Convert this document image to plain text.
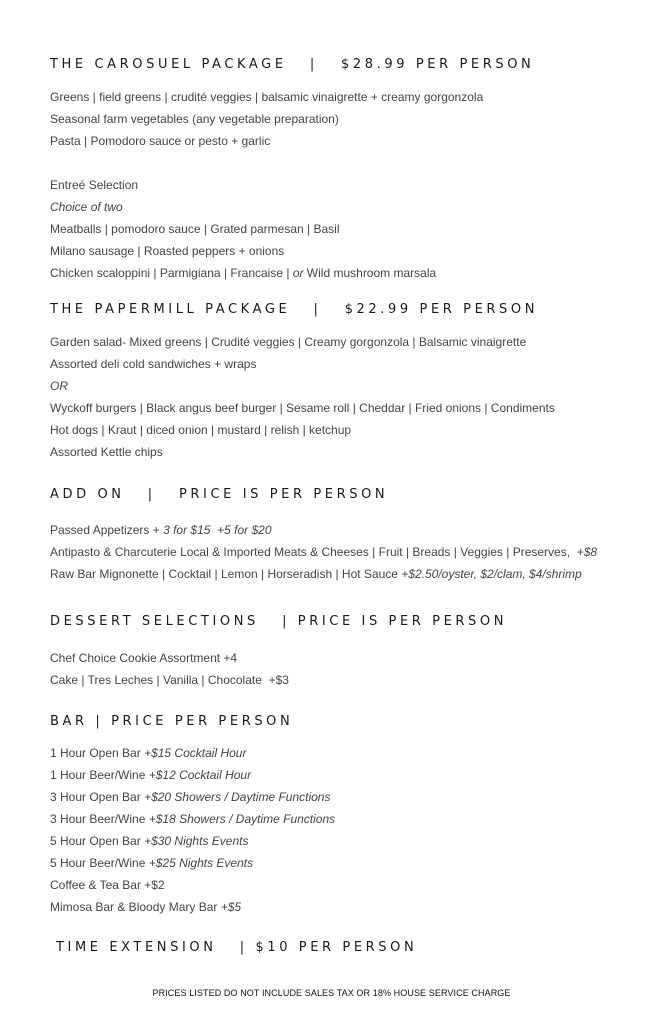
THE CAROSUEL PACKAGE   |   $28.99 PER PERSON

Greens | field greens | crudité veggies | balsamic vinaigrette + creamy gorgonzola

Seasonal farm vegetables (any vegetable preparation)

Pasta | Pomodoro sauce or pesto + garlic

Entreé Selection

Choice of two

Meatballs | pomodoro sauce | Grated parmesan | Basil

Milano sausage | Roasted peppers + onions

Chicken scaloppini | Parmigiana | Francaise | or Wild mushroom marsala

THE PAPERMILL PACKAGE   |   $22.99 PER PERSON

Garden salad- Mixed greens | Crudité veggies | Creamy gorgonzola | Balsamic vinaigrette

Assorted deli cold sandwiches + wraps

OR

Wyckoff burgers | Black angus beef burger | Sesame roll | Cheddar | Fried onions | Condiments

Hot dogs | Kraut | diced onion | mustard | relish | ketchup

Assorted Kettle chips

ADD ON   |   PRICE IS PER PERSON

Passed Appetizers + 3 for $15  +5 for $20

Antipasto & Charcuterie Local & Imported Meats & Cheeses | Fruit | Breads | Veggies | Preserves,  +$8

Raw Bar Mignonette | Cocktail | Lemon | Horseradish | Hot Sauce +$2.50/oyster, $2/clam, $4/shrimp

DESSERT SELECTIONS   | PRICE IS PER PERSON

Chef Choice Cookie Assortment +4

Cake | Tres Leches | Vanilla | Chocolate  +$3

BAR | PRICE PER PERSON

1 Hour Open Bar +$15 Cocktail Hour

1 Hour Beer/Wine +$12 Cocktail Hour

3 Hour Open Bar +$20 Showers / Daytime Functions

3 Hour Beer/Wine +$18 Showers / Daytime Functions

5 Hour Open Bar +$30 Nights Events

5 Hour Beer/Wine +$25 Nights Events

Coffee & Tea Bar +$2

Mimosa Bar & Bloody Mary Bar +$5

TIME EXTENSION   | $10 PER PERSON

PRICES LISTED DO NOT INCLUDE SALES TAX OR 18% HOUSE SERVICE CHARGE
